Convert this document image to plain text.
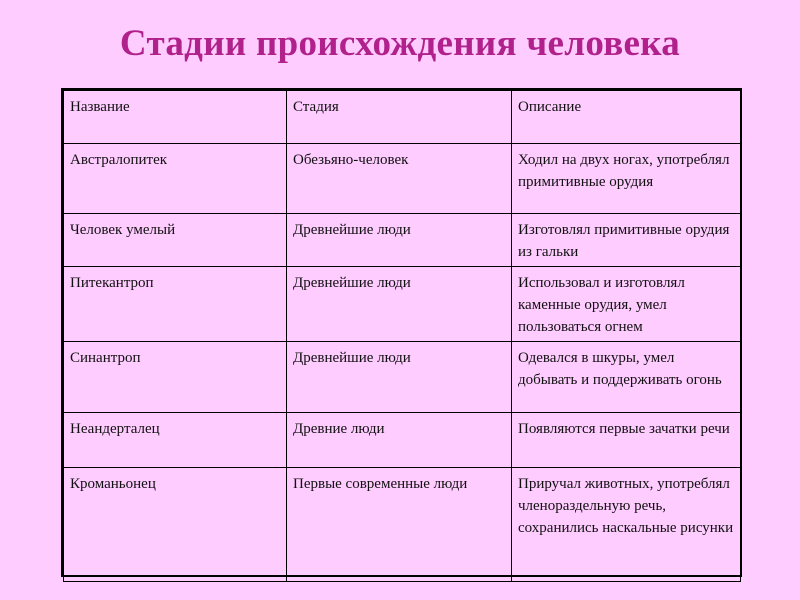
Стадии происхождения человека
Название	Стадия	Описание
Австралопитек	Обезьяно-человек	Ходил на двух ногах, употреблял примитивные орудия
Человек умелый	Древнейшие люди	Изготовлял примитивные орудия из гальки
Питекантроп	Древнейшие люди	Использовал и изготовлял каменные орудия, умел пользоваться огнем
Синантроп	Древнейшие люди	Одевался в шкуры, умел добывать и поддерживать огонь
Неандерталец	Древние люди	Появляются первые зачатки речи
Кроманьонец	Первые современные люди	Приручал животных, употреблял членораздельную речь, сохранились наскальные рисунки
